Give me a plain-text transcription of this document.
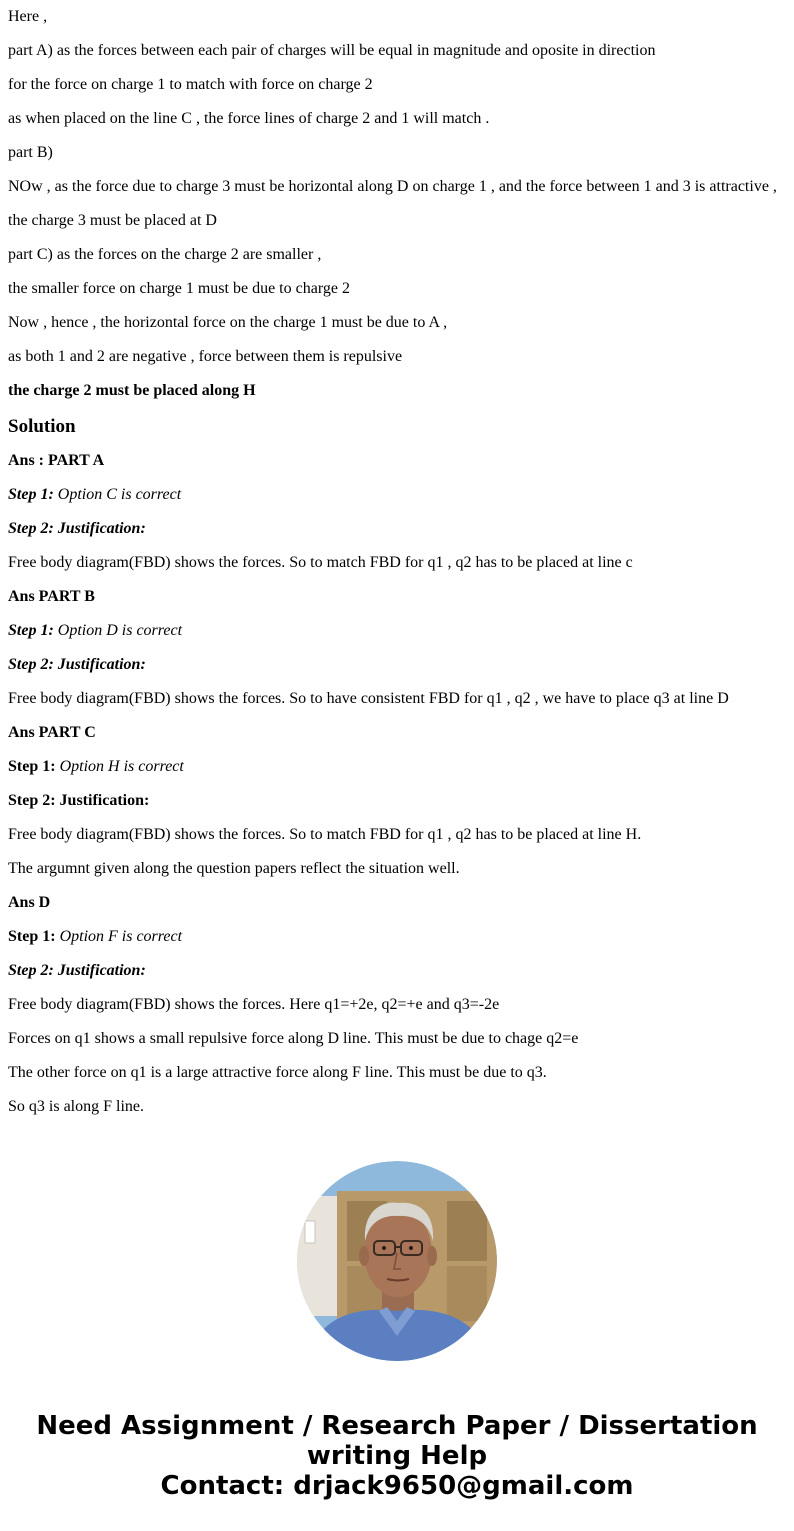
Here ,

part A) as the forces between each pair of charges will be equal in magnitude and oposite in direction

for the force on charge 1 to match with force on charge 2

as when placed on the line C , the force lines of charge 2 and 1 will match .

part B)

NOw , as the force due to charge 3 must be horizontal along D on charge 1 , and the force between 1 and 3 is attractive ,

the charge 3 must be placed at D

part C) as the forces on the charge 2 are smaller ,

the smaller force on charge 1 must be due to charge 2

Now , hence , the horizontal force on the charge 1 must be due to A ,

as both 1 and 2 are negative , force between them is repulsive

the charge 2 must be placed along H

Solution

Ans : PART A

Step 1: Option C is correct

Step 2: Justification:

Free body diagram(FBD) shows the forces. So to match FBD for q1 , q2 has to be placed at line c

Ans PART B

Step 1: Option D is correct

Step 2: Justification:

Free body diagram(FBD) shows the forces. So to have consistent FBD for q1 , q2 , we have to place q3 at line D

Ans PART C

Step 1: Option H is correct

Step 2: Justification:

Free body diagram(FBD) shows the forces. So to match FBD for q1 , q2 has to be placed at line H.

The argumnt given along the question papers reflect the situation well.

Ans D

Step 1: Option F is correct

Step 2: Justification:

Free body diagram(FBD) shows the forces. Here q1=+2e, q2=+e and q3=-2e

Forces on q1 shows a small repulsive force along D line. This must be due to chage q2=e

The other force on q1 is a large attractive force along F line. This must be due to q3.

So q3 is along F line.

Need Assignment / Research Paper / Dissertation
writing Help
Contact: drjack9650@gmail.com
